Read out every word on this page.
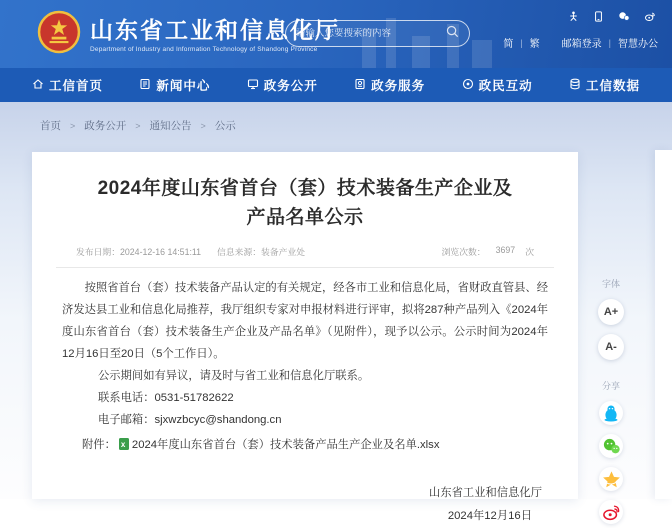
山东省工业和信息化厅
Department of Industry and Information Technology of Shandong Province
请输入您要搜索的内容	简 | 繁 邮箱登录 | 智慧办公
工信首页	新闻中心	政务公开	政务服务	政民互动	工信数据
首页 > 政务公开 > 通知公告 > 公示
2024年度山东省首台（套）技术装备生产企业及产品名单公示
发布日期：2024-12-16 14:51:11 信息来源：装备产业处	浏览次数： 3697 次

按照省首台（套）技术装备产品认定的有关规定，经各市工业和信息化局，省财政直管县、经济发达县工业和信息化局推荐，我厅组织专家对申报材料进行评审，拟将287种产品列入《2024年度山东省首台（套）技术装备生产企业及产品名单》（见附件），现予以公示。公示时间为2024年12月16日至20日（5个工作日）。

公示期间如有异议，请及时与省工业和信息化厅联系。

联系电话：0531-51782622

电子邮箱：sjxwzbcyc@shandong.cn

附件： x 2024年度山东省首台（套）技术装备产品生产企业及名单.xlsx
山东省工业和信息化厅
2024年12月16日
字体
A+
A-
分享
